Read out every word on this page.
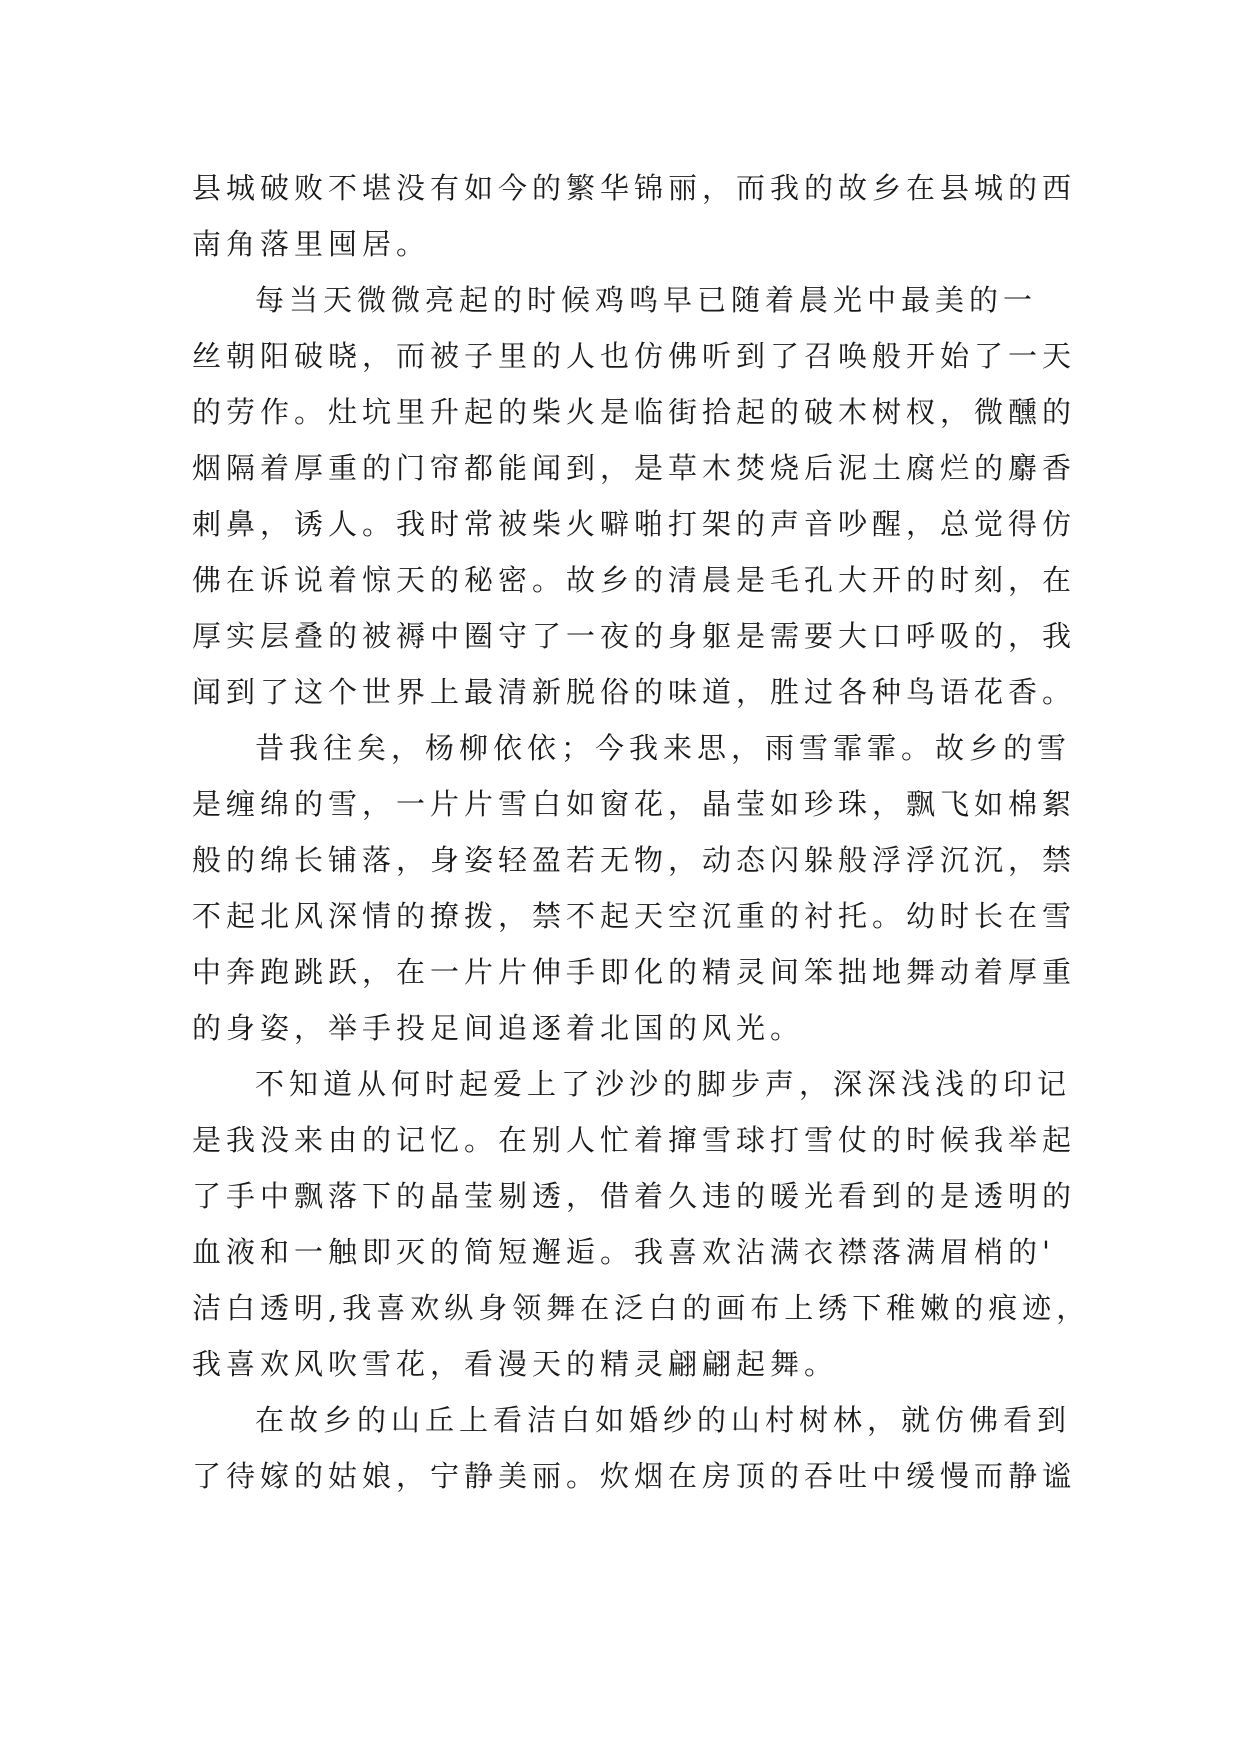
县城破败不堪没有如今的繁华锦丽，而我的故乡在县城的西
南角落里囤居。
每当天微微亮起的时候鸡鸣早已随着晨光中最美的一
丝朝阳破晓，而被子里的人也仿佛听到了召唤般开始了一天
的劳作。灶坑里升起的柴火是临街拾起的破木树杈，微醺的
烟隔着厚重的门帘都能闻到，是草木焚烧后泥土腐烂的麝香
刺鼻，诱人。我时常被柴火噼啪打架的声音吵醒，总觉得仿
佛在诉说着惊天的秘密。故乡的清晨是毛孔大开的时刻，在
厚实层叠的被褥中圈守了一夜的身躯是需要大口呼吸的，我
闻到了这个世界上最清新脱俗的味道，胜过各种鸟语花香。
昔我往矣，杨柳依依；今我来思，雨雪霏霏。故乡的雪
是缠绵的雪，一片片雪白如窗花，晶莹如珍珠，飘飞如棉絮
般的绵长铺落，身姿轻盈若无物，动态闪躲般浮浮沉沉，禁
不起北风深情的撩拨，禁不起天空沉重的衬托。幼时长在雪
中奔跑跳跃，在一片片伸手即化的精灵间笨拙地舞动着厚重
的身姿，举手投足间追逐着北国的风光。
不知道从何时起爱上了沙沙的脚步声，深深浅浅的印记
是我没来由的记忆。在别人忙着撺雪球打雪仗的时候我举起
了手中飘落下的晶莹剔透，借着久违的暖光看到的是透明的
血液和一触即灭的简短邂逅。我喜欢沾满衣襟落满眉梢的'
洁白透明,我喜欢纵身领舞在泛白的画布上绣下稚嫩的痕迹，
我喜欢风吹雪花，看漫天的精灵翩翩起舞。
在故乡的山丘上看洁白如婚纱的山村树林，就仿佛看到
了待嫁的姑娘，宁静美丽。炊烟在房顶的吞吐中缓慢而静谧
